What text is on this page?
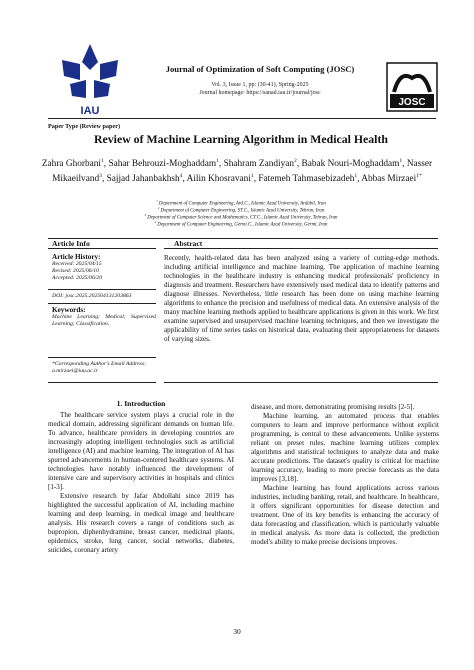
IAU
Journal of Optimization of Soft Computing (JOSC)
Vol. 3, Issue 1, pp: (30-41), Spring-2025
Journal homepage: https://sanad.iau.ir/journal/josc
JOSC
Paper Type (Review paper)
Review of Machine Learning Algorithm in Medical Health
Zahra Ghorbani$^1$, Sahar Behrouzi-Moghaddam$^1$, Shahram Zandiyan$^2$, Babak Nouri-Moghaddam$^1$, Nasser Mikaeilvand$^3$, Sajjad Jahanbakhsh$^4$, Ailin Khosravani$^1$, Fatemeh Tahmasebizadeh$^1$, Abbas Mirzaei$^{1*}$
$^1$ Department of Computer Engineering, Ard.C., Islamic Azad University, Ardabil, Iran
$^2$ Department of Computer Engineering, ST.C., Islamic Azad University, Tehran, Iran
$^3$ Department of Computer Science and Mathematics, CT.C., Islamic Azad University, Tehran, Iran
$^4$ Department of Computer Engineering, Germi.C., Islamic Azad University, Germi, Iran
Article Info	Abstract
Article History:
Received: 2025/04/15
Revised: 2025/06/10
Accepted: 2025/06/20
DOI: josc.2025.202504131203863
Keywords:
Machine Learning; Medical; Supervised Learning; Classification.
*Corresponding Author's Email Address: a.mirzaei@iau.ac.ir
Recently, health-related data has been analyzed using a variety of cutting-edge methods, including artificial intelligence and machine learning. The application of machine learning technologies in the healthcare industry is enhancing medical professionals' proficiency in diagnosis and treatment. Researchers have extensively used medical data to identify patterns and diagnose illnesses. Nevertheless, little research has been done on using machine learning algorithms to enhance the precision and usefulness of medical data. An extensive analysis of the many machine learning methods applied to healthcare applications is given in this work. We first examine supervised and unsupervised machine learning techniques, and then we investigate the applicability of time series tasks on historical data, evaluating their appropriateness for datasets of varying sizes.
1. Introduction
The healthcare service system plays a crucial role in the medical domain, addressing significant demands on human life. To advance, healthcare providers in developing countries are increasingly adopting intelligent technologies such as artificial intelligence (AI) and machine learning. The integration of AI has spurred advancements in human-centered healthcare systems. AI technologies have notably influenced the development of intensive care and supervisory activities in hospitals and clinics [1-3].
Extensive research by Jafar Abdollahi since 2019 has highlighted the successful application of AI, including machine learning and deep learning, in medical image and healthcare analysis. His research covers a range of conditions such as bupropion, diphenhydramine, breast cancer, medicinal plants, epidemics, stroke, lung cancer, social networks, diabetes, suicides, coronary artery
disease, and more, demonstrating promising results [2-5].
Machine learning, an automated process that enables computers to learn and improve performance without explicit programming, is central to these advancements. Unlike systems reliant on preset rules, machine learning utilizes complex algorithms and statistical techniques to analyze data and make accurate predictions. The dataset's quality is critical for machine learning accuracy, leading to more precise forecasts as the data improves [3,18].
Machine learning has found applications across various industries, including banking, retail, and healthcare. In healthcare, it offers significant opportunities for disease detection and treatment. One of its key benefits is enhancing the accuracy of data forecasting and classification, which is particularly valuable in medical analysis. As more data is collected, the prediction model's ability to make precise decisions improves.
30
